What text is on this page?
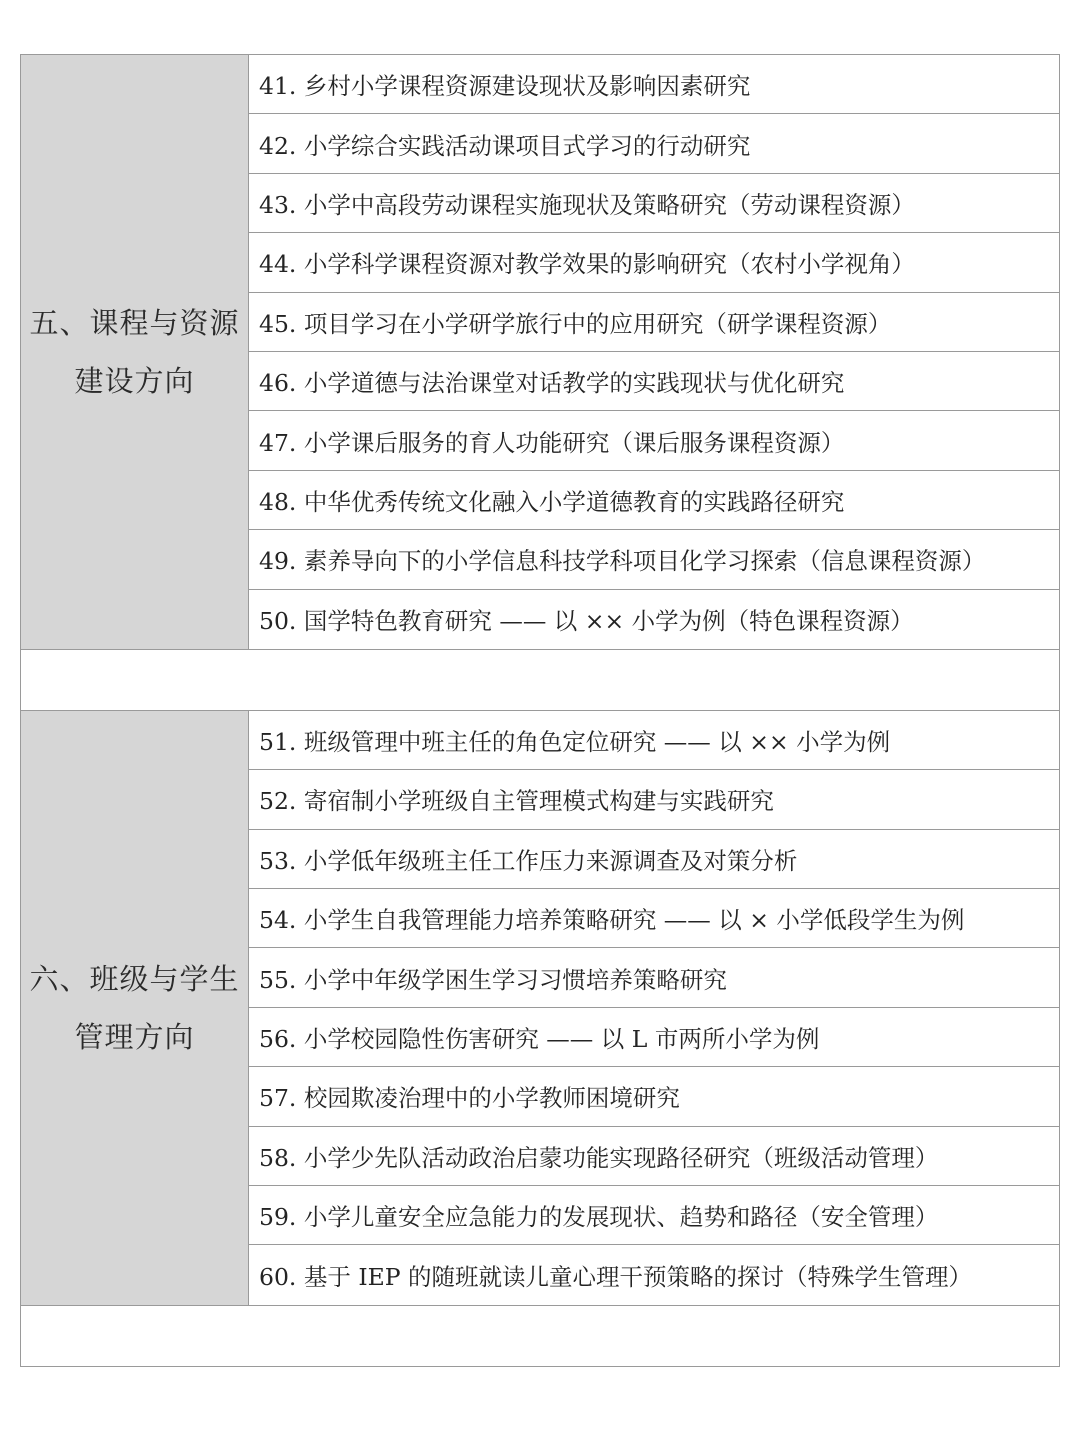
五、课程与资源
建设方向
41. 乡村小学课程资源建设现状及影响因素研究
42. 小学综合实践活动课项目式学习的行动研究
43. 小学中高段劳动课程实施现状及策略研究（劳动课程资源）
44. 小学科学课程资源对教学效果的影响研究（农村小学视角）
45. 项目学习在小学研学旅行中的应用研究（研学课程资源）
46. 小学道德与法治课堂对话教学的实践现状与优化研究
47. 小学课后服务的育人功能研究（课后服务课程资源）
48. 中华优秀传统文化融入小学道德教育的实践路径研究
49. 素养导向下的小学信息科技学科项目化学习探索（信息课程资源）
50. 国学特色教育研究 —— 以 ×× 小学为例（特色课程资源）
六、班级与学生
管理方向
51. 班级管理中班主任的角色定位研究 —— 以 ×× 小学为例
52. 寄宿制小学班级自主管理模式构建与实践研究
53. 小学低年级班主任工作压力来源调查及对策分析
54. 小学生自我管理能力培养策略研究 —— 以 × 小学低段学生为例
55. 小学中年级学困生学习习惯培养策略研究
56. 小学校园隐性伤害研究 —— 以 L 市两所小学为例
57. 校园欺凌治理中的小学教师困境研究
58. 小学少先队活动政治启蒙功能实现路径研究（班级活动管理）
59. 小学儿童安全应急能力的发展现状、趋势和路径（安全管理）
60. 基于 IEP 的随班就读儿童心理干预策略的探讨（特殊学生管理）
